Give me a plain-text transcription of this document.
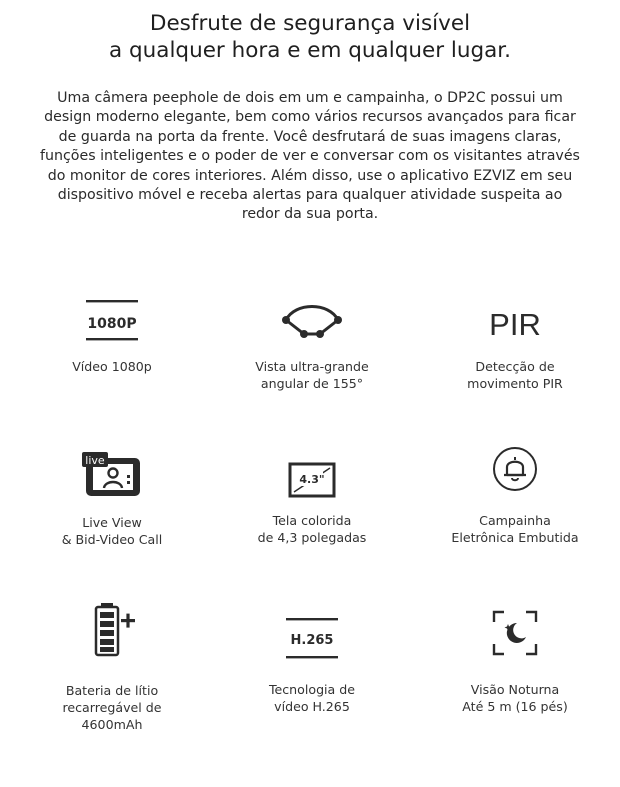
Desfrute de segurança visível
a qualquer hora e em qualquer lugar.

Uma câmera peephole de dois em um e campainha, o DP2C possui um design moderno elegante, bem como vários recursos avançados para ficar de guarda na porta da frente. Você desfrutará de suas imagens claras, funções inteligentes e o poder de ver e conversar com os visitantes através do monitor de cores interiores. Além disso, use o aplicativo EZVIZ em seu dispositivo móvel e receba alertas para qualquer atividade suspeita ao redor da sua porta.

1080P
Vídeo 1080p	Vista ultra-grande
angular de 155°
PIR
Detecção de
movimento PIR
live
Live View
& Bid-Video Call
4.3"
Tela colorida
de 4,3 polegadas
Campainha
Eletrônica Embutida
Bateria de lítio
recarregável de
4600mAh
H.265
Tecnologia de
vídeo H.265
Visão Noturna
Até 5 m (16 pés)
